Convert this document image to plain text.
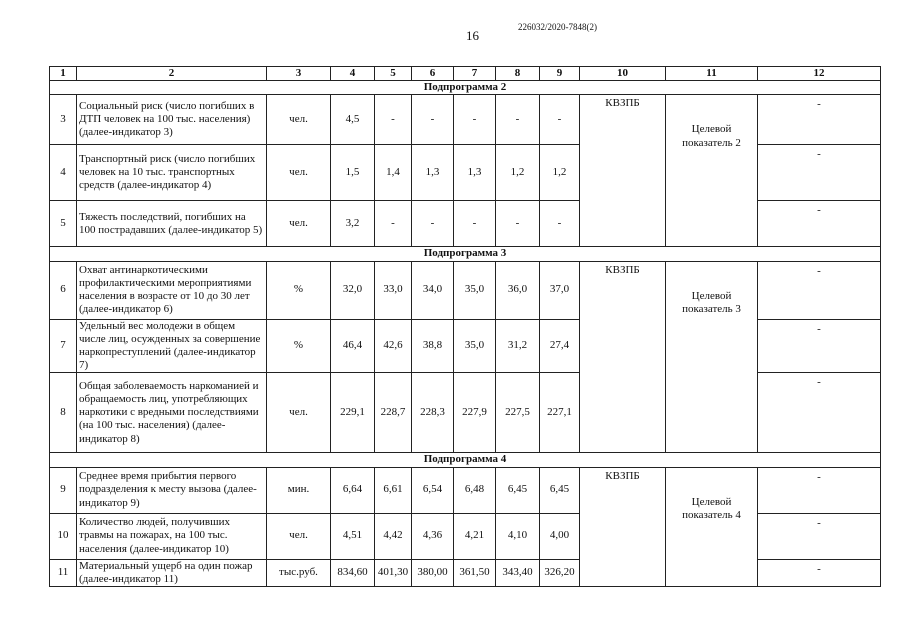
226032/2020-7848(2)
16
1	2	3	4	5	6	7	8	9	10	11	12
Подпрограмма 2											
3	Социальный риск (число погибших в ДТП человек на 100 тыс. населения) (далее-индикатор 3)	чел.	4,5	-	-	-	-	-	КВЗПБ	Целевой показатель 2	-

4	Транспортный риск (число погибших человек на 10 тыс. транспортных средств (далее-индикатор 4)	чел.	1,5	1,4	1,3	1,3	1,2	1,2			-

5	Тяжесть последствий, погибших на 100 пострадавших (далее-индикатор 5)	чел.	3,2	-	-	-	-	-			-

Подпрограмма 3											
6	Охват антинаркотическими профилактическими мероприятиями населения в возрасте от 10 до 30 лет (далее-индикатор 6)	%	32,0	33,0	34,0	35,0	36,0	37,0	КВЗПБ	Целевой показатель 3	-

7	Удельный вес молодежи в общем числе лиц, осужденных за совершение наркопреступлений (далее-индикатор 7)	%	46,4	42,6	38,8	35,0	31,2	27,4			-

8	Общая заболеваемость наркоманией и обращаемость лиц, употребляющих наркотики с вредными последствиями (на 100 тыс. населения) (далее-индикатор 8)	чел.	229,1	228,7	228,3	227,9	227,5	227,1			-

Подпрограмма 4											
9	Среднее время прибытия первого подразделения к месту вызова (далее-индикатор 9)	мин.	6,64	6,61	6,54	6,48	6,45	6,45	КВЗПБ	Целевой показатель 4	-

10	Количество людей, получивших травмы на пожарах, на 100 тыс. населения (далее-индикатор 10)	чел.	4,51	4,42	4,36	4,21	4,10	4,00			-

11	Материальный ущерб на один пожар (далее-индикатор 11)	тыс.руб.	834,60	401,30	380,00	361,50	343,40	326,20			-
